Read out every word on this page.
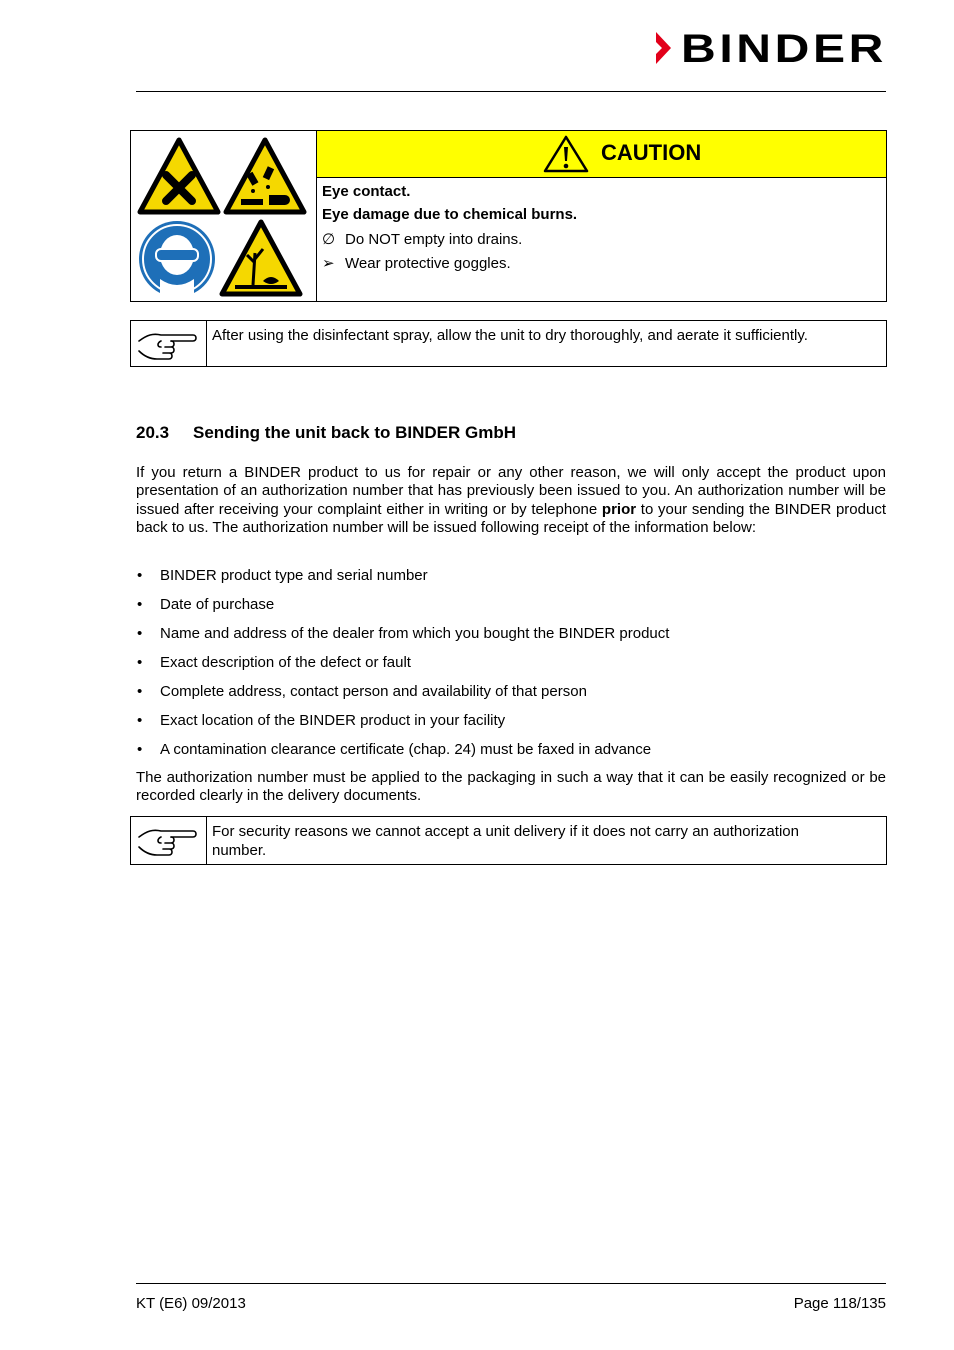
BINDER
CAUTION
Eye contact.
Eye damage due to chemical burns.
∅ Do NOT empty into drains.
➢ Wear protective goggles.
After using the disinfectant spray, allow the unit to dry thoroughly, and aerate it sufficiently.
20.3 Sending the unit back to BINDER GmbH
If you return a BINDER product to us for repair or any other reason, we will only accept the product upon presentation of an authorization number that has previously been issued to you. An authorization number will be issued after receiving your complaint either in writing or by telephone prior to your sending the BINDER product back to us. The authorization number will be issued following receipt of the information below:
• BINDER product type and serial number
• Date of purchase
• Name and address of the dealer from which you bought the BINDER product
• Exact description of the defect or fault
• Complete address, contact person and availability of that person
• Exact location of the BINDER product in your facility
• A contamination clearance certificate (chap. 24) must be faxed in advance
The authorization number must be applied to the packaging in such a way that it can be easily recognized or be recorded clearly in the delivery documents.
For security reasons we cannot accept a unit delivery if it does not carry an authorization number.
KT (E6) 09/2013	Page 118/135
